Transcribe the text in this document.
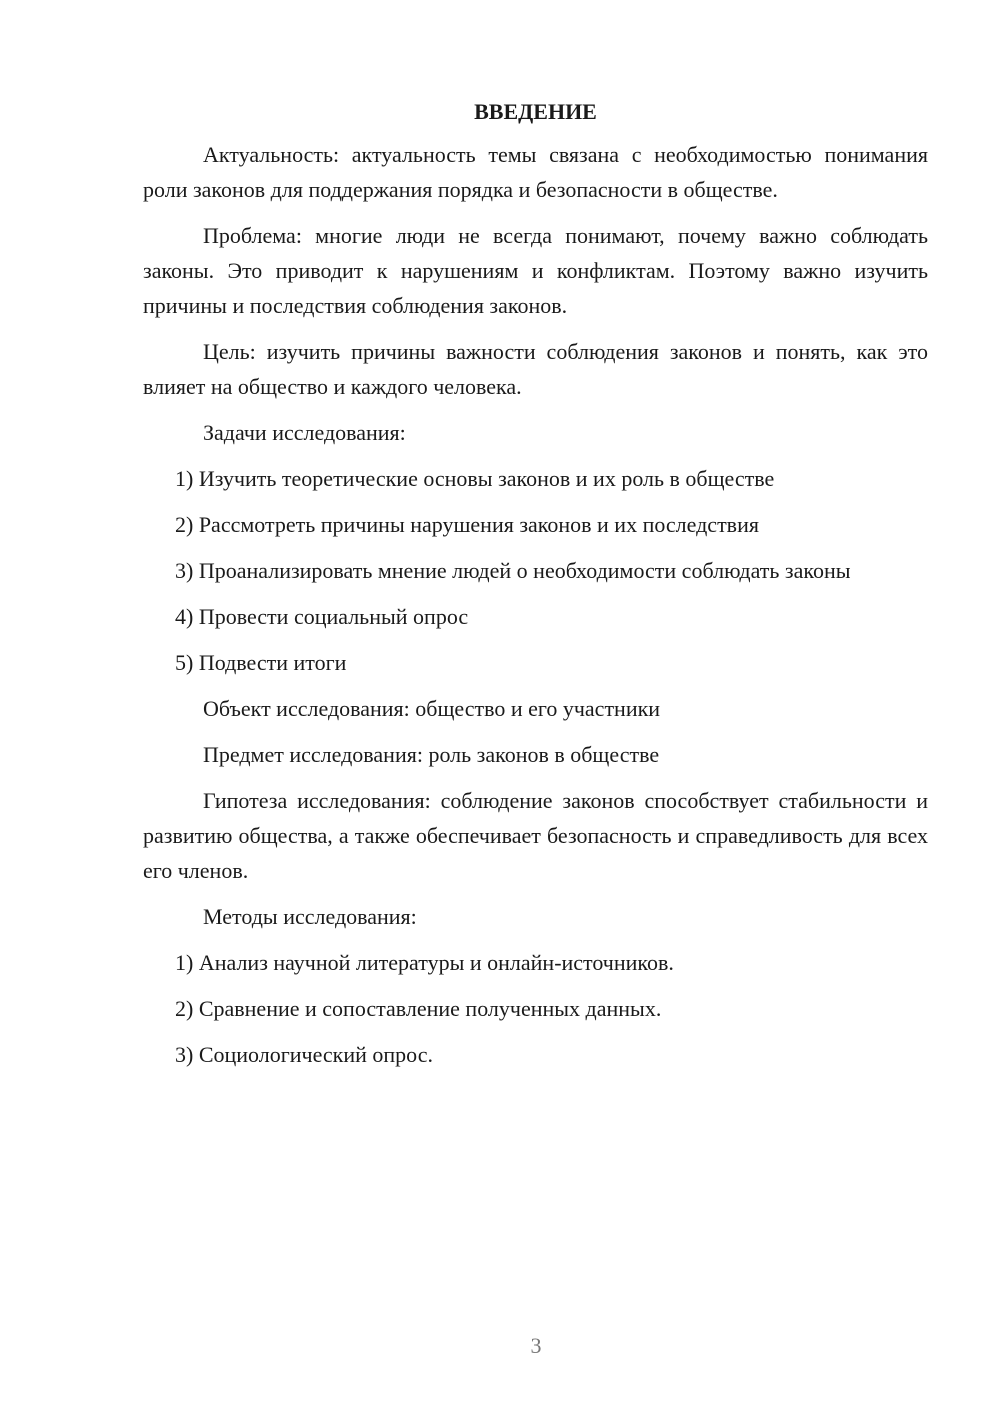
ВВЕДЕНИЕ

Актуальность: актуальность темы связана с необходимостью понимания роли законов для поддержания порядка и безопасности в обществе.

Проблема: многие люди не всегда понимают, почему важно соблюдать законы. Это приводит к нарушениям и конфликтам. Поэтому важно изучить причины и последствия соблюдения законов.

Цель: изучить причины важности соблюдения законов и понять, как это влияет на общество и каждого человека.

Задачи исследования:

1) Изучить теоретические основы законов и их роль в обществе

2) Рассмотреть причины нарушения законов и их последствия

3) Проанализировать мнение людей о необходимости соблюдать законы

4) Провести социальный опрос

5) Подвести итоги

Объект исследования: общество и его участники

Предмет исследования: роль законов в обществе

Гипотеза исследования: соблюдение законов способствует стабильности и развитию общества, а также обеспечивает безопасность и справедливость для всех его членов.

Методы исследования:

1) Анализ научной литературы и онлайн-источников.

2) Сравнение и сопоставление полученных данных.

3) Социологический опрос.

3
